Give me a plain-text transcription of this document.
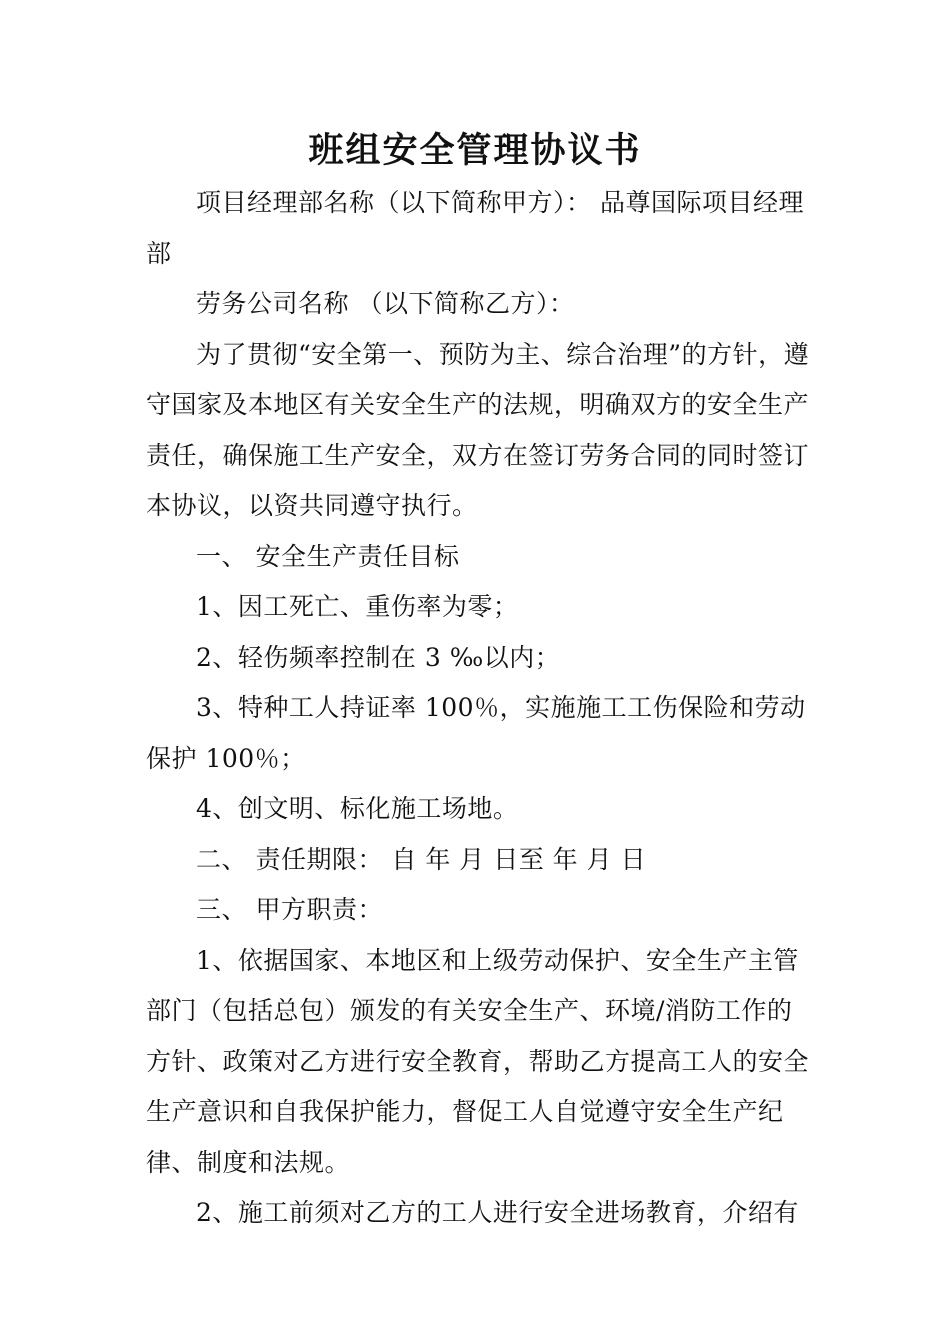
班组安全管理协议书

项目经理部名称（以下简称甲方）： 品尊国际项目经理部

劳务公司名称 （以下简称乙方）：

为了贯彻“安全第一、预防为主、综合治理”的方针，遵守国家及本地区有关安全生产的法规，明确双方的安全生产责任，确保施工生产安全，双方在签订劳务合同的同时签订本协议，以资共同遵守执行。

一、 安全生产责任目标

1、因工死亡、重伤率为零；

2、轻伤频率控制在 3 ‰以内；

3、特种工人持证率 100％，实施施工工伤保险和劳动保护 100％；

4、创文明、标化施工场地。

二、 责任期限： 自 年 月 日至 年 月 日

三、 甲方职责：

1、依据国家、本地区和上级劳动保护、安全生产主管部门（包括总包）颁发的有关安全生产、环境/消防工作的方针、政策对乙方进行安全教育，帮助乙方提高工人的安全生产意识和自我保护能力，督促工人自觉遵守安全生产纪律、制度和法规。

2、施工前须对乙方的工人进行安全进场教育，介绍有
